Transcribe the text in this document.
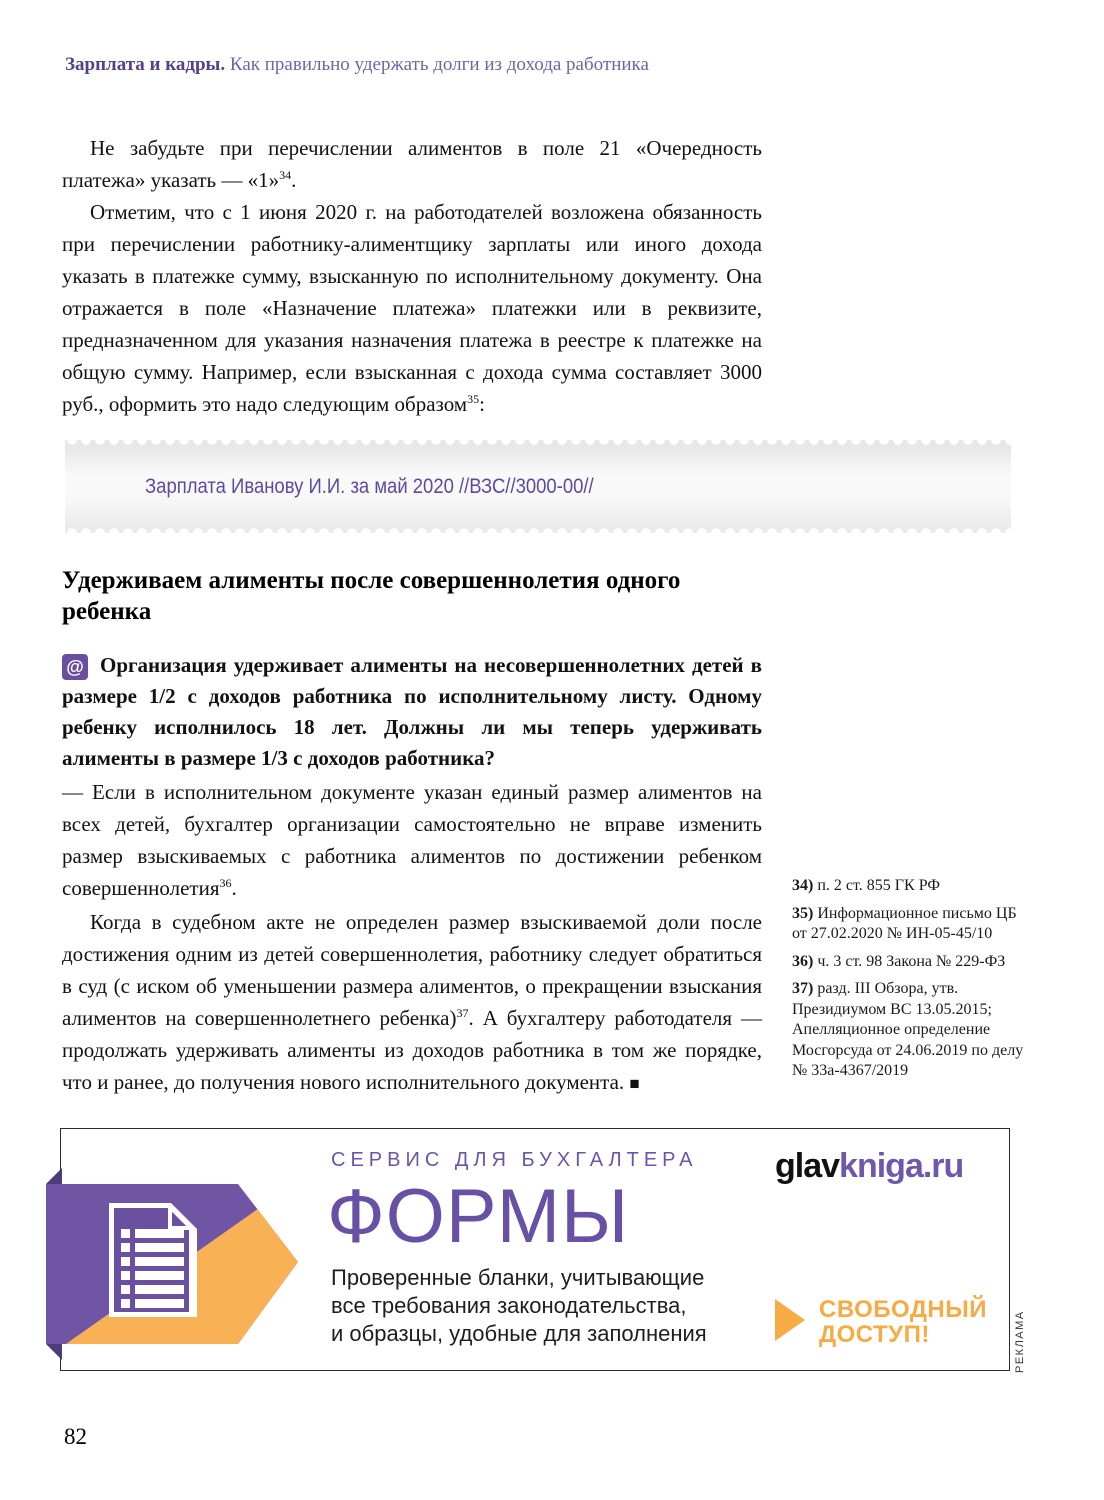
Зарплата и кадры. Как правильно удержать долги из дохода работника

Не забудьте при перечислении алиментов в поле 21 «Очередность платежа» указать — «1»$^{34}$.

Отметим, что с 1 июня 2020 г. на работодателей возложена обязанность при перечислении работнику-алиментщику зарплаты или иного дохода указать в платежке сумму, взысканную по исполнительному документу. Она отражается в поле «Назначение платежа» платежки или в реквизите, предназначенном для указания назначения платежа в реестре к платежке на общую сумму. Например, если взысканная с дохода сумма составляет 3000 руб., оформить это надо следующим образом$^{35}$:

Зарплата Иванову И.И. за май 2020 //ВЗС//3000-00//
Удерживаем алименты после совершеннолетия одного ребенка
@ Организация удерживает алименты на несовершеннолетних детей в размере 1/2 с доходов работника по исполнительному листу. Одному ребенку исполнилось 18 лет. Должны ли мы теперь удерживать алименты в размере 1/3 с доходов работника?

— Если в исполнительном документе указан единый размер алиментов на всех детей, бухгалтер организации самостоятельно не вправе изменить размер взыскиваемых с работника алиментов по достижении ребенком совершеннолетия$^{36}$.

Когда в судебном акте не определен размер взыскиваемой доли после достижения одним из детей совершеннолетия, работнику следует обратиться в суд (с иском об уменьшении размера алиментов, о прекращении взыскания алиментов на совершеннолетнего ребенка)$^{37}$. А бухгалтеру работодателя — продолжать удерживать алименты из доходов работника в том же порядке, что и ранее, до получения нового исполнительного документа. ■

34) п. 2 ст. 855 ГК РФ
35) Информационное письмо ЦБ от 27.02.2020 № ИН-05-45/10
36) ч. 3 ст. 98 Закона № 229-ФЗ
37) разд. III Обзора, утв. Президиумом ВС 13.05.2015; Апелляционное определение Мосгорсуда от 24.06.2019 по делу № 33а-4367/2019
СЕРВИС ДЛЯ БУХГАЛТЕРА
ФОРМЫ
Проверенные бланки, учитывающие
все требования законодательства,
и образцы, удобные для заполнения
glavkniga.ru
СВОБОДНЫЙ
ДОСТУП!	РЕКЛАМА
82
